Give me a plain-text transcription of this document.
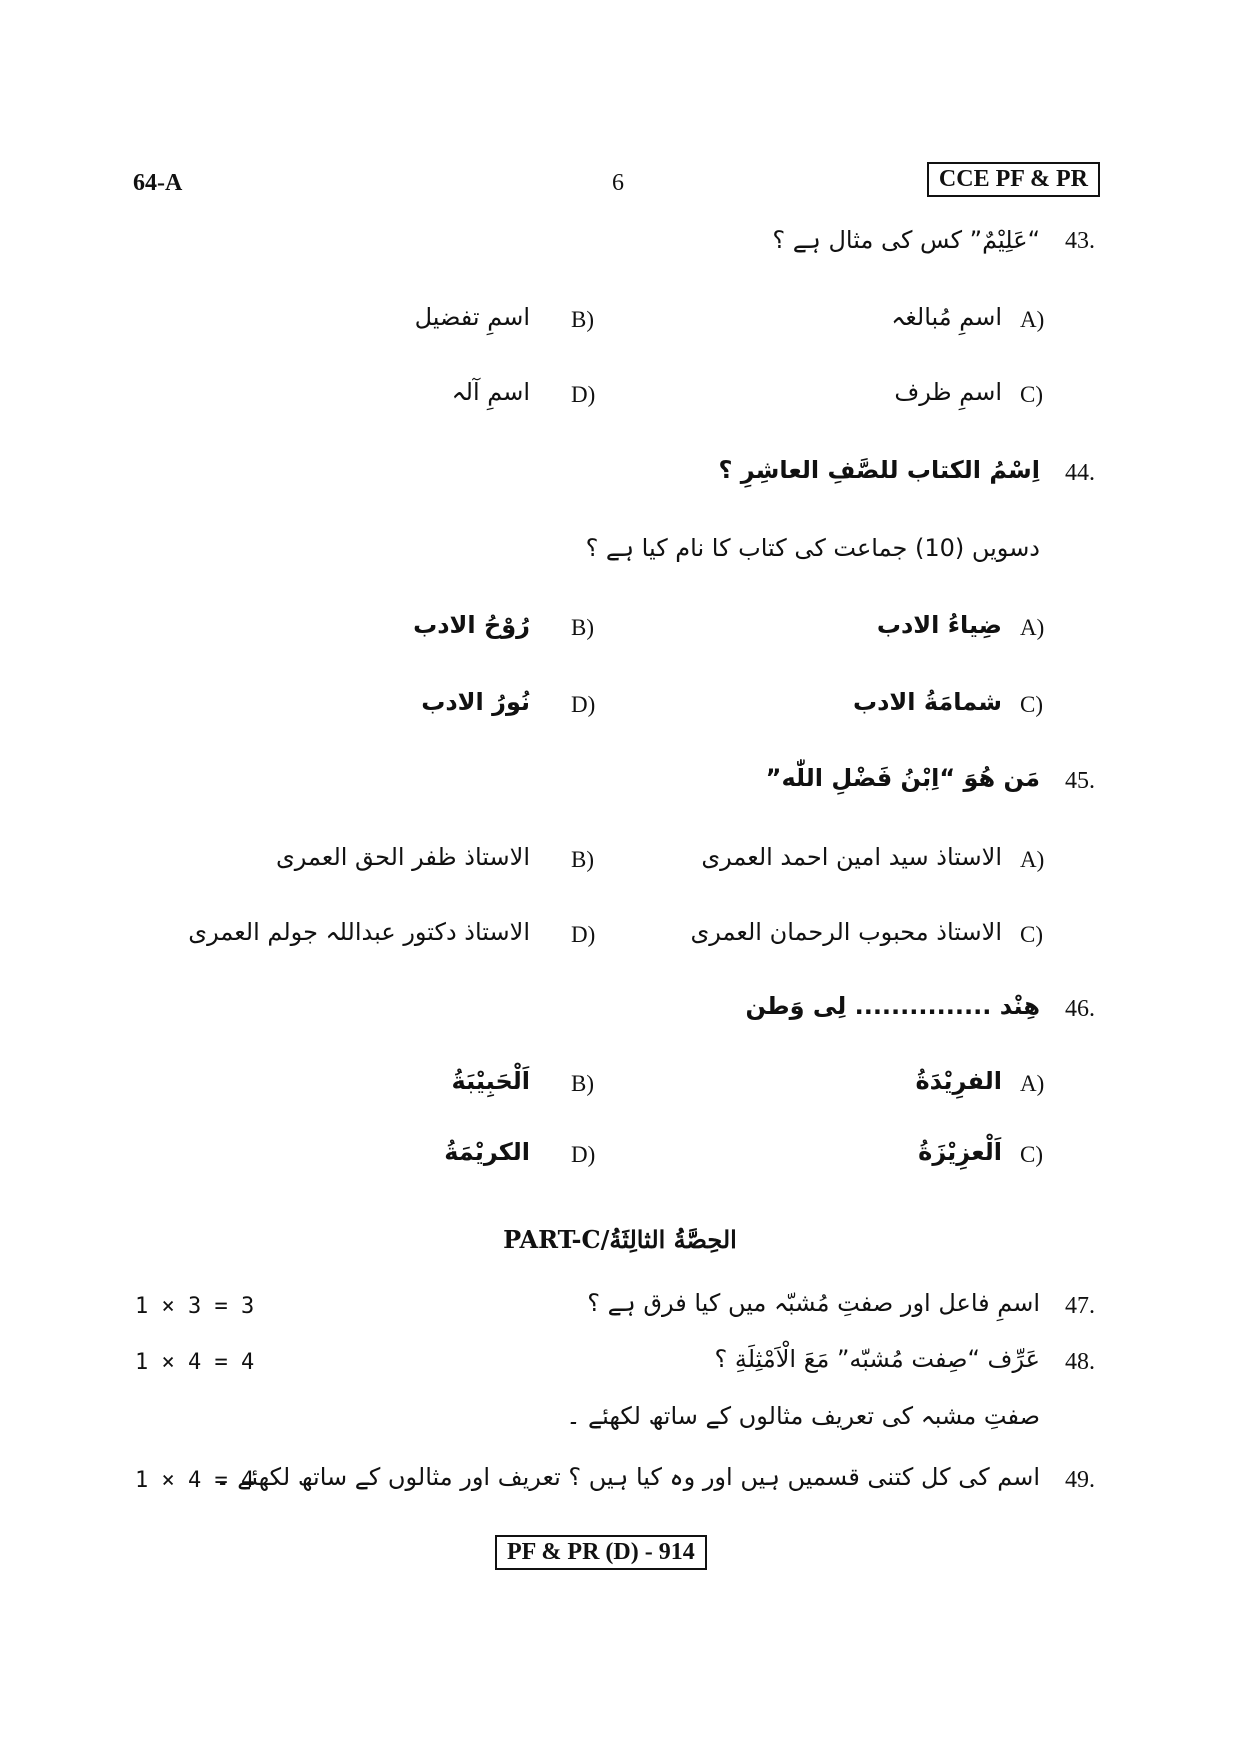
64-A	6	CCE PF & PR
43.
“عَلِیْمٌ” کس کی مثال ہے ؟
A)
اسمِ مُبالغہ
B)
اسمِ تفضیل
C)
اسمِ ظرف
D)
اسمِ آلہ
44.
اِسْمُ الکتاب للصَّفِ العاشِرِ ؟
دسویں (10) جماعت کی کتاب کا نام کیا ہے ؟
A)
ضِیاءُ الادب
B)
رُوْحُ الادب
C)
شمامَةُ الادب
D)
نُورُ الادب
45.
مَن هُوَ “اِبْنُ فَضْلِ اللّٰه”
A)
الاستاذ سید امین احمد العمری
B)
الاستاذ ظفر الحق العمری
C)
الاستاذ محبوب الرحمان العمری
D)
الاستاذ دکتور عبداللہ جولم العمری
46.
هِنْد ............... لِی وَطن
A)
الفرِیْدَةُ
B)
اَلْحَبِیْبَةُ
C)
اَلْعزِیْزَةُ
D)
الکریْمَةُ
PART-C/الحِصَّةُ الثالِثَةُ
47.
اسمِ فاعل اور صفتِ مُشبّہ میں کیا فرق ہے ؟
1 × 3 = 3
48.
عَرِّف “صِفت مُشبّه” مَعَ الْاَمْثِلَةِ ؟
1 × 4 = 4
صفتِ مشبہ کی تعریف مثالوں کے ساتھ لکھئے ۔
49.
اسم کی کل کتنی قسمیں ہیں اور وہ کیا ہیں ؟ تعریف اور مثالوں کے ساتھ لکھئے ۔
1 × 4 = 4
PF & PR (D) - 914
